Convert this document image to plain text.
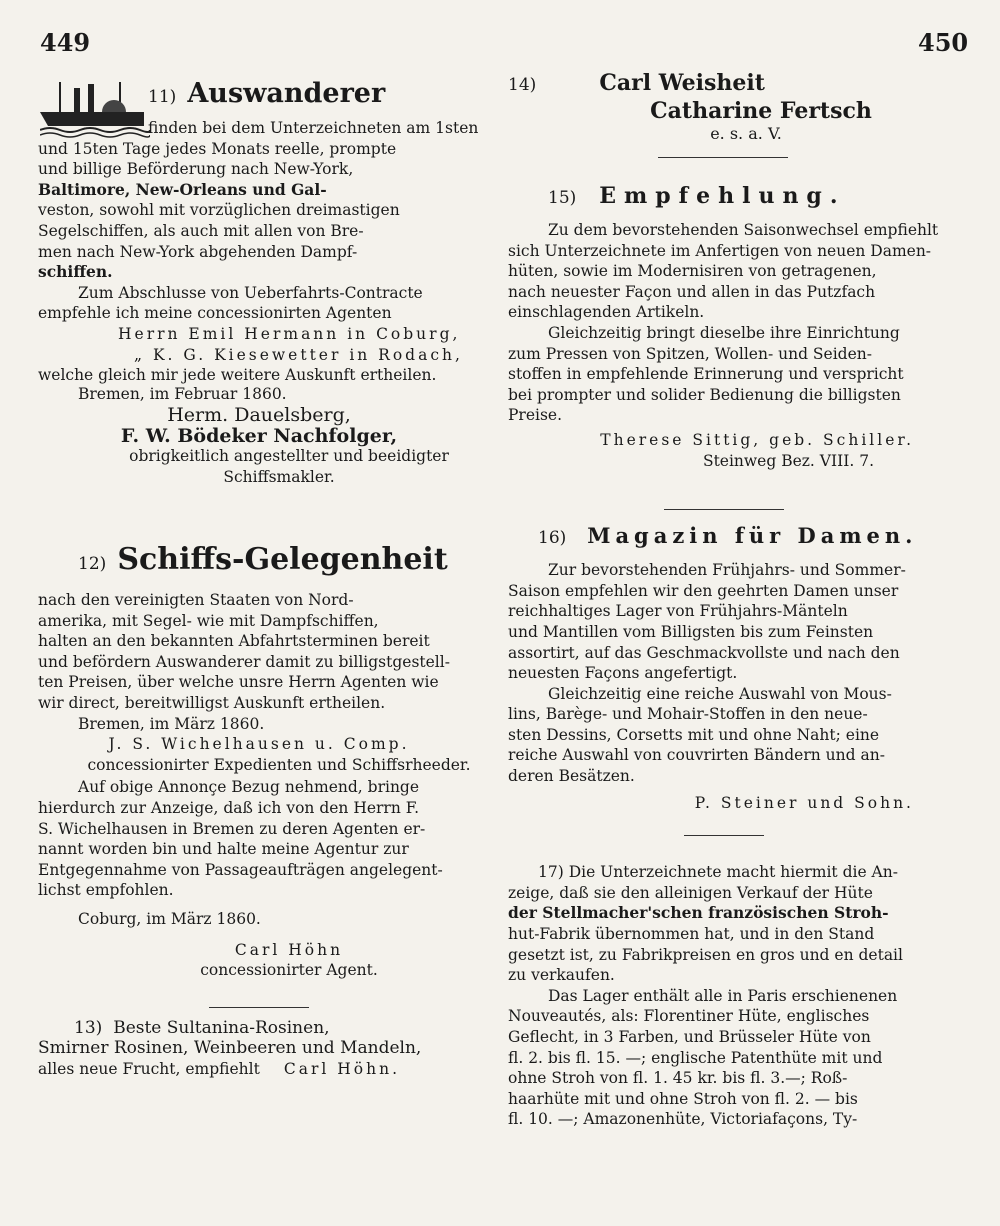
449	450
11) Auswanderer

finden bei dem Unterzeichneten am 1sten

und 15ten Tage jedes Monats reelle, prompte

und billige Beförderung nach New-York,

Baltimore, New-Orleans und Gal-

veston, sowohl mit vorzüglichen dreimastigen

Segelschiffen, als auch mit allen von Bre-

men nach New-York abgehenden Dampf-

schiffen.

Zum Abschlusse von Ueberfahrts-Contracte

empfehle ich meine concessionirten Agenten

Herrn Emil Hermann in Coburg,

„ K. G. Kiesewetter in Rodach,

welche gleich mir jede weitere Auskunft ertheilen.

Bremen, im Februar 1860.

Herm. Dauelsberg,

F. W. Bödeker Nachfolger,

obrigkeitlich angestellter und beeidigter

Schiffsmakler.

12) Schiffs-Gelegenheit

nach den vereinigten Staaten von Nord-

amerika, mit Segel- wie mit Dampfschiffen,

halten an den bekannten Abfahrtsterminen bereit

und befördern Auswanderer damit zu billigstgestell-

ten Preisen, über welche unsre Herrn Agenten wie

wir direct, bereitwilligst Auskunft ertheilen.

Bremen, im März 1860.

J. S. Wichelhausen u. Comp.

concessionirter Expedienten und Schiffsrheeder.

Auf obige Annonçe Bezug nehmend, bringe

hierdurch zur Anzeige, daß ich von den Herrn F.

S. Wichelhausen in Bremen zu deren Agenten er-

nannt worden bin und halte meine Agentur zur

Entgegennahme von Passageaufträgen angelegent-

lichst empfohlen.

Coburg, im März 1860.

Carl Höhn

concessionirter Agent.

13) Beste Sultanina-Rosinen,

Smirner Rosinen, Weinbeeren und Mandeln,

alles neue Frucht, empfiehlt	Carl Höhn.

14)	Carl Weisheit

Catharine Fertsch

e. s. a. V.

15) Empfehlung.

Zu dem bevorstehenden Saisonwechsel empfiehlt

sich Unterzeichnete im Anfertigen von neuen Damen-

hüten, sowie im Modernisiren von getragenen,

nach neuester Façon und allen in das Putzfach

einschlagenden Artikeln.

Gleichzeitig bringt dieselbe ihre Einrichtung

zum Pressen von Spitzen, Wollen- und Seiden-

stoffen in empfehlende Erinnerung und verspricht

bei prompter und solider Bedienung die billigsten

Preise.

Therese Sittig, geb. Schiller.

Steinweg Bez. VIII. 7.

16) Magazin für Damen.

Zur bevorstehenden Frühjahrs- und Sommer-

Saison empfehlen wir den geehrten Damen unser

reichhaltiges Lager von Frühjahrs-Mänteln

und Mantillen vom Billigsten bis zum Feinsten

assortirt, auf das Geschmackvollste und nach den

neuesten Façons angefertigt.

Gleichzeitig eine reiche Auswahl von Mous-

lins, Barège- und Mohair-Stoffen in den neue-

sten Dessins, Corsetts mit und ohne Naht; eine

reiche Auswahl von couvrirten Bändern und an-

deren Besätzen.

P. Steiner und Sohn.

17) Die Unterzeichnete macht hiermit die An-

zeige, daß sie den alleinigen Verkauf der Hüte

der Stellmacher'schen französischen Stroh-

hut-Fabrik übernommen hat, und in den Stand

gesetzt ist, zu Fabrikpreisen en gros und en detail

zu verkaufen.

Das Lager enthält alle in Paris erschienenen

Nouveautés, als: Florentiner Hüte, englisches

Geflecht, in 3 Farben, und Brüsseler Hüte von

fl. 2. bis fl. 15. —; englische Patenthüte mit und

ohne Stroh von fl. 1. 45 kr. bis fl. 3.—; Roß-

haarhüte mit und ohne Stroh von fl. 2. — bis

fl. 10. —; Amazonenhüte, Victoriafaçons, Ty-
